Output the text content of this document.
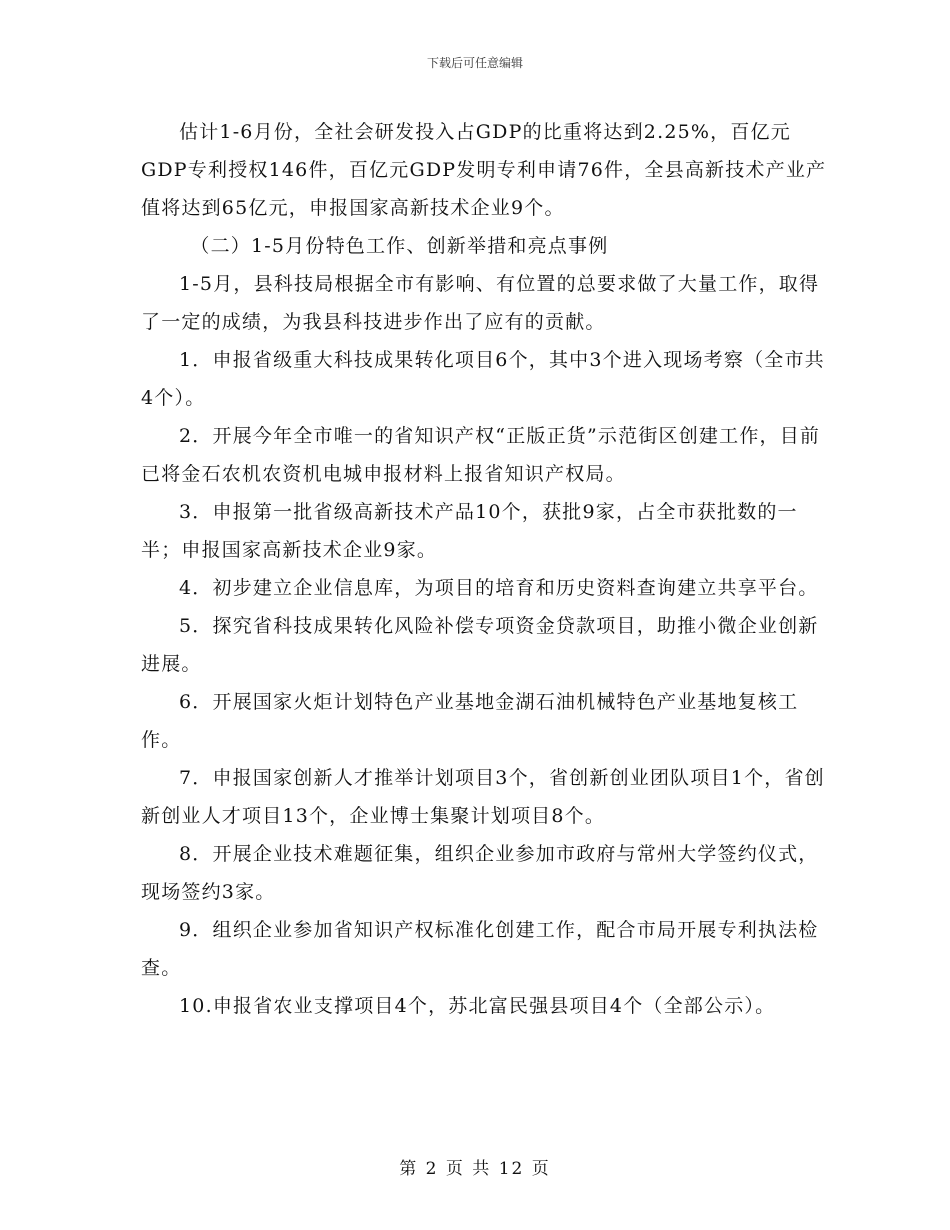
下载后可任意编辑

估计1-6月份，全社会研发投入占GDP的比重将达到2.25%，百亿元GDP专利授权146件，百亿元GDP发明专利申请76件，全县高新技术产业产值将达到65亿元，申报国家高新技术企业9个。

（二）1-5月份特色工作、创新举措和亮点事例

1-5月，县科技局根据全市有影响、有位置的总要求做了大量工作，取得了一定的成绩，为我县科技进步作出了应有的贡献。

1．申报省级重大科技成果转化项目6个，其中3个进入现场考察（全市共4个）。

2．开展今年全市唯一的省知识产权“正版正货”示范街区创建工作，目前已将金石农机农资机电城申报材料上报省知识产权局。

3．申报第一批省级高新技术产品10个，获批9家，占全市获批数的一半；申报国家高新技术企业9家。

4．初步建立企业信息库，为项目的培育和历史资料查询建立共享平台。

5．探究省科技成果转化风险补偿专项资金贷款项目，助推小微企业创新进展。

6．开展国家火炬计划特色产业基地金湖石油机械特色产业基地复核工作。

7．申报国家创新人才推举计划项目3个，省创新创业团队项目1个，省创新创业人才项目13个，企业博士集聚计划项目8个。

8．开展企业技术难题征集，组织企业参加市政府与常州大学签约仪式，现场签约3家。

9．组织企业参加省知识产权标准化创建工作，配合市局开展专利执法检查。

10.申报省农业支撑项目4个，苏北富民强县项目4个（全部公示）。

第 2 页 共 12 页
